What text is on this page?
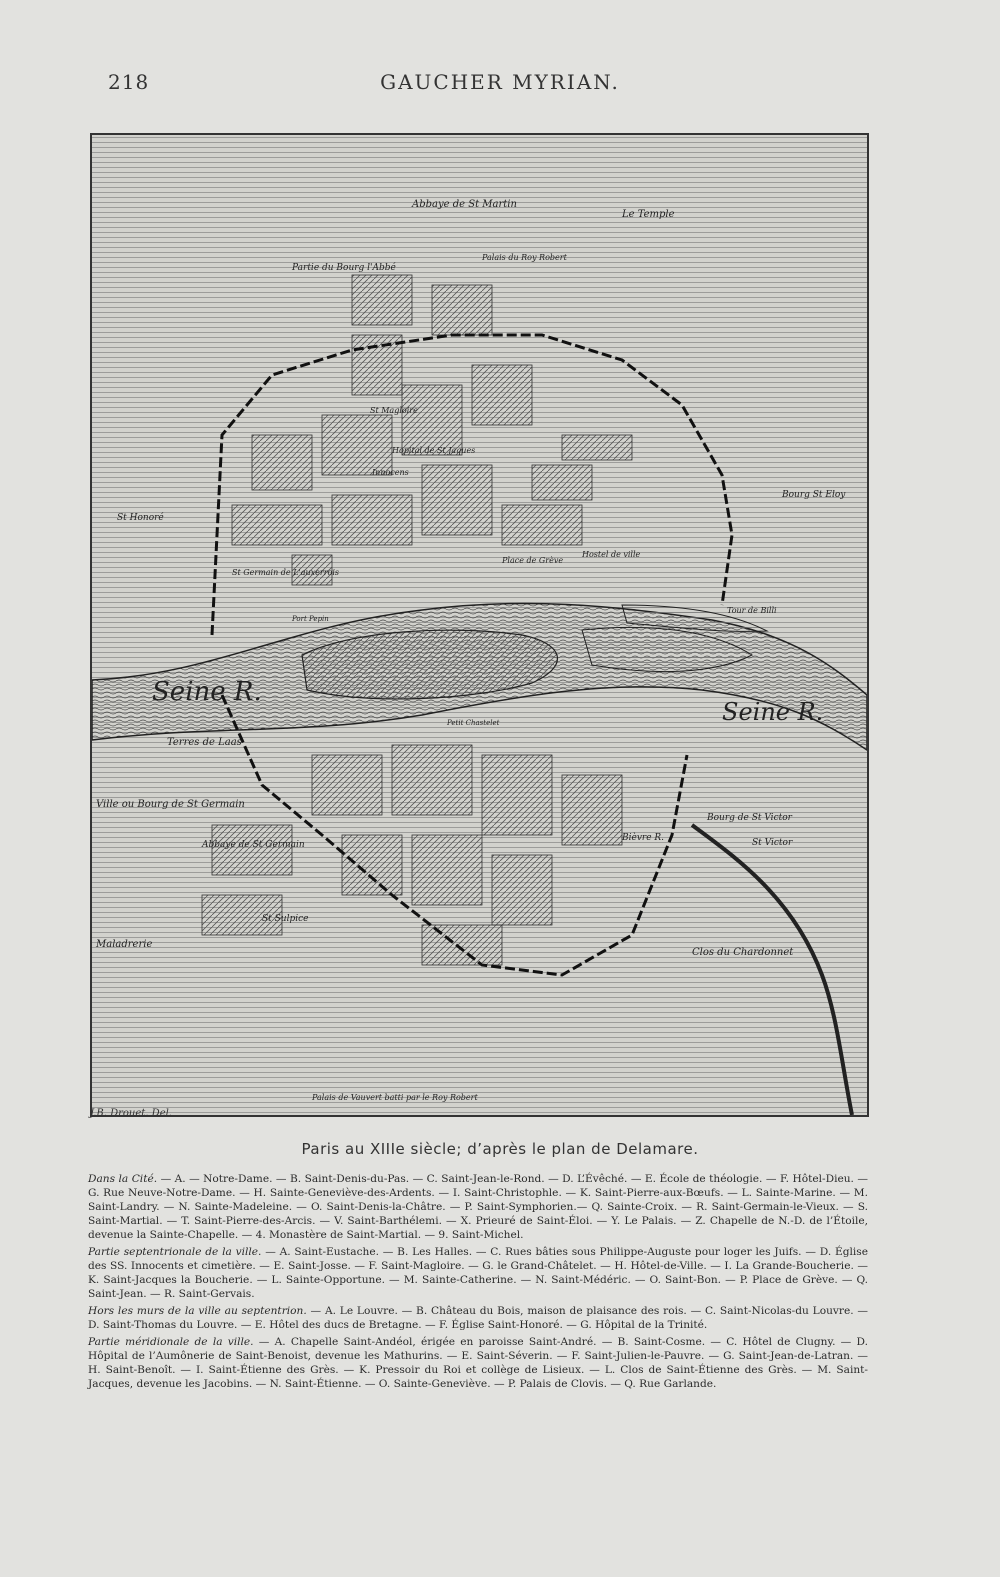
218	GAUCHER MYRIAN.
Seine R.
Seine R.
Abbaye de St Martin
Le Temple
Partie du Bourg l'Abbé
Palais du Roy Robert
Bourg St Eloy
St Honoré
Hopital de St Jaques
Innocens
St Magloire
St Germain de L'auxerrois
Tour de Billi
Place de Grève
Hostel de ville
Terres de Laas
Ville ou Bourg de St Germain
Abbaye de St Germain
St Sulpice
Maladrerie
Bourg de St Victor
St Victor
Clos du Chardonnet
Bièvre R.
Petit Chastelet
Port Pepin
Palais de Vauvert batti par le Roy Robert
J.B. Drouet. Del.
Paris au XIIIe siècle; d’après le plan de Delamare.

Dans la Cité. — A. — Notre-Dame. — B. Saint-Denis-du-Pas. — C. Saint-Jean-le-Rond. — D. L’Évêché. — E. École de théologie. — F. Hôtel-Dieu. — G. Rue Neuve-Notre-Dame. — H. Sainte-Geneviève-des-Ardents. — I. Saint-Christophle. — K. Saint-Pierre-aux-Bœufs. — L. Sainte-Marine. — M. Saint-Landry. — N. Sainte-Madeleine. — O. Saint-Denis-la-Châtre. — P. Saint-Symphorien.— Q. Sainte-Croix. — R. Saint-Germain-le-Vieux. — S. Saint-Martial. — T. Saint-Pierre-des-Arcis. — V. Saint-Barthélemi. — X. Prieuré de Saint-Éloi. — Y. Le Palais. — Z. Chapelle de N.-D. de l’Étoile, devenue la Sainte-Chapelle. — 4. Monastère de Saint-Martial. — 9. Saint-Michel.

Partie septentrionale de la ville. — A. Saint-Eustache. — B. Les Halles. — C. Rues bâties sous Philippe-Auguste pour loger les Juifs. — D. Église des SS. Innocents et cimetière. — E. Saint-Josse. — F. Saint-Magloire. — G. le Grand-Châtelet. — H. Hôtel-de-Ville. — I. La Grande-Boucherie. — K. Saint-Jacques la Boucherie. — L. Sainte-Opportune. — M. Sainte-Catherine. — N. Saint-Médéric. — O. Saint-Bon. — P. Place de Grève. — Q. Saint-Jean. — R. Saint-Gervais.

Hors les murs de la ville au septentrion. — A. Le Louvre. — B. Château du Bois, maison de plaisance des rois. — C. Saint-Nicolas-du Louvre. — D. Saint-Thomas du Louvre. — E. Hôtel des ducs de Bretagne. — F. Église Saint-Honoré. — G. Hôpital de la Trinité.

Partie méridionale de la ville. — A. Chapelle Saint-Andéol, érigée en paroisse Saint-André. — B. Saint-Cosme. — C. Hôtel de Clugny. — D. Hôpital de l’Aumônerie de Saint-Benoist, devenue les Mathurins. — E. Saint-Séverin. — F. Saint-Julien-le-Pauvre. — G. Saint-Jean-de-Latran. — H. Saint-Benoît. — I. Saint-Étienne des Grès. — K. Pressoir du Roi et collège de Lisieux. — L. Clos de Saint-Étienne des Grès. — M. Saint-Jacques, devenue les Jacobins. — N. Saint-Étienne. — O. Sainte-Geneviève. — P. Palais de Clovis. — Q. Rue Garlande.
